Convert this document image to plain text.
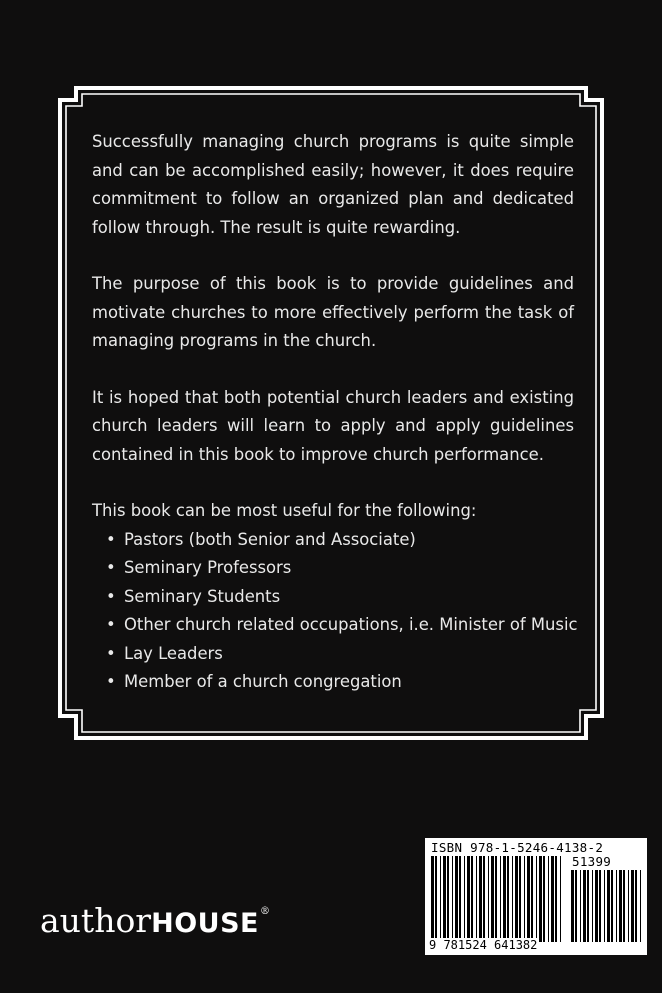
Successfully managing church programs is quite simple and can be accomplished easily; however, it does require commitment to follow an organized plan and dedicated follow through. The result is quite rewarding.

The purpose of this book is to provide guidelines and motivate churches to more effectively perform the task of managing programs in the church.

It is hoped that both potential church leaders and existing church leaders will learn to apply and apply guidelines contained in this book to improve church performance.

This book can be most useful for the following:

• Pastors (both Senior and Associate)
• Seminary Professors
• Seminary Students
• Other church related occupations, i.e. Minister of Music
• Lay Leaders
• Member of a church congregation
authorHOUSE®
ISBN 978-1-5246-4138-2
51399
9 781524 641382
